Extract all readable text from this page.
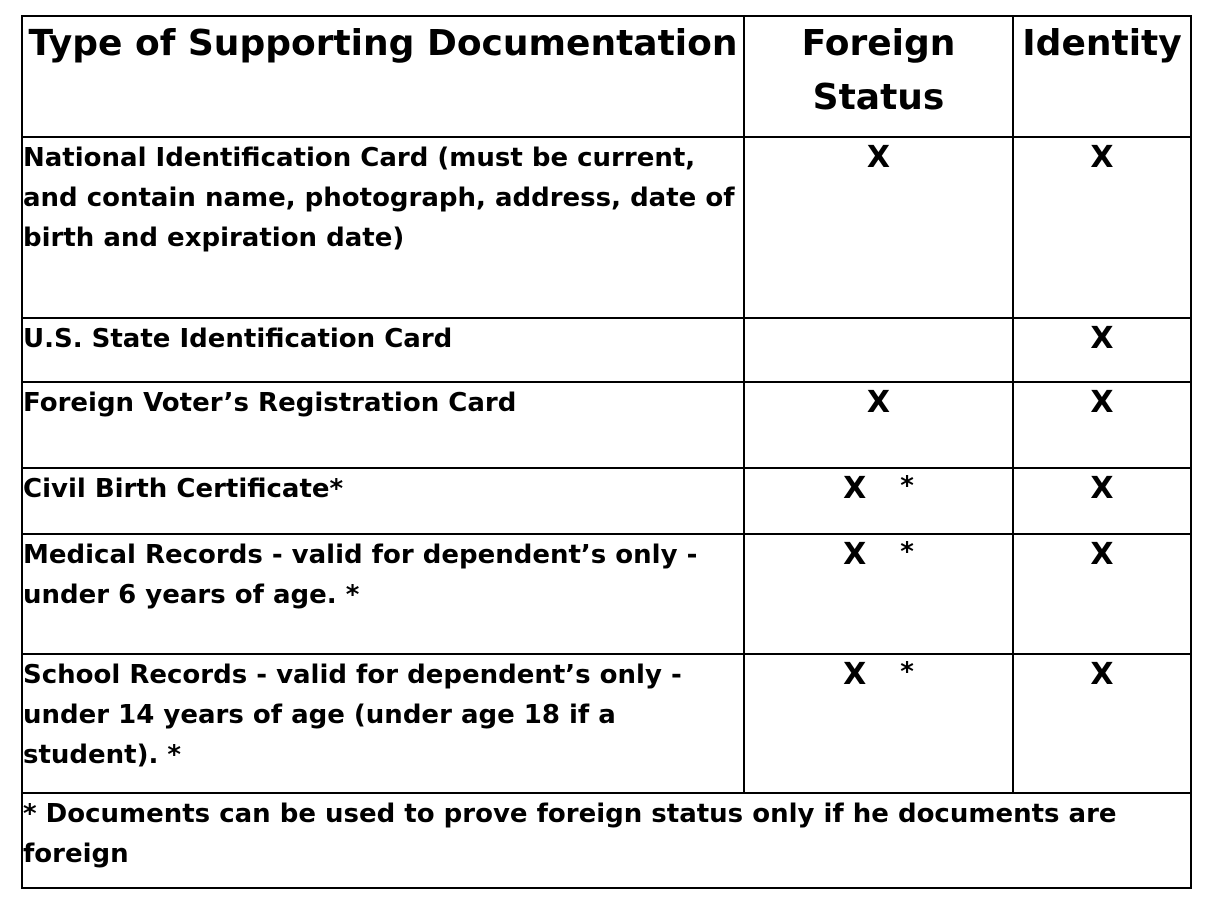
Type of Supporting Documentation	Foreign Status	Identity

National Identification Card (must be current, and contain name, photograph, address, date of birth and expiration date)	X	X
U.S. State Identification Card		X
Foreign Voter’s Registration Card	X	X
Civil Birth Certificate*	X *	X
Medical Records - valid for dependent’s only - under 6 years of age. *	X *	X
School Records - valid for dependent’s only - under 14 years of age (under age 18 if a student). *	X *	X
* Documents can be used to prove foreign status only if he documents are foreign		
